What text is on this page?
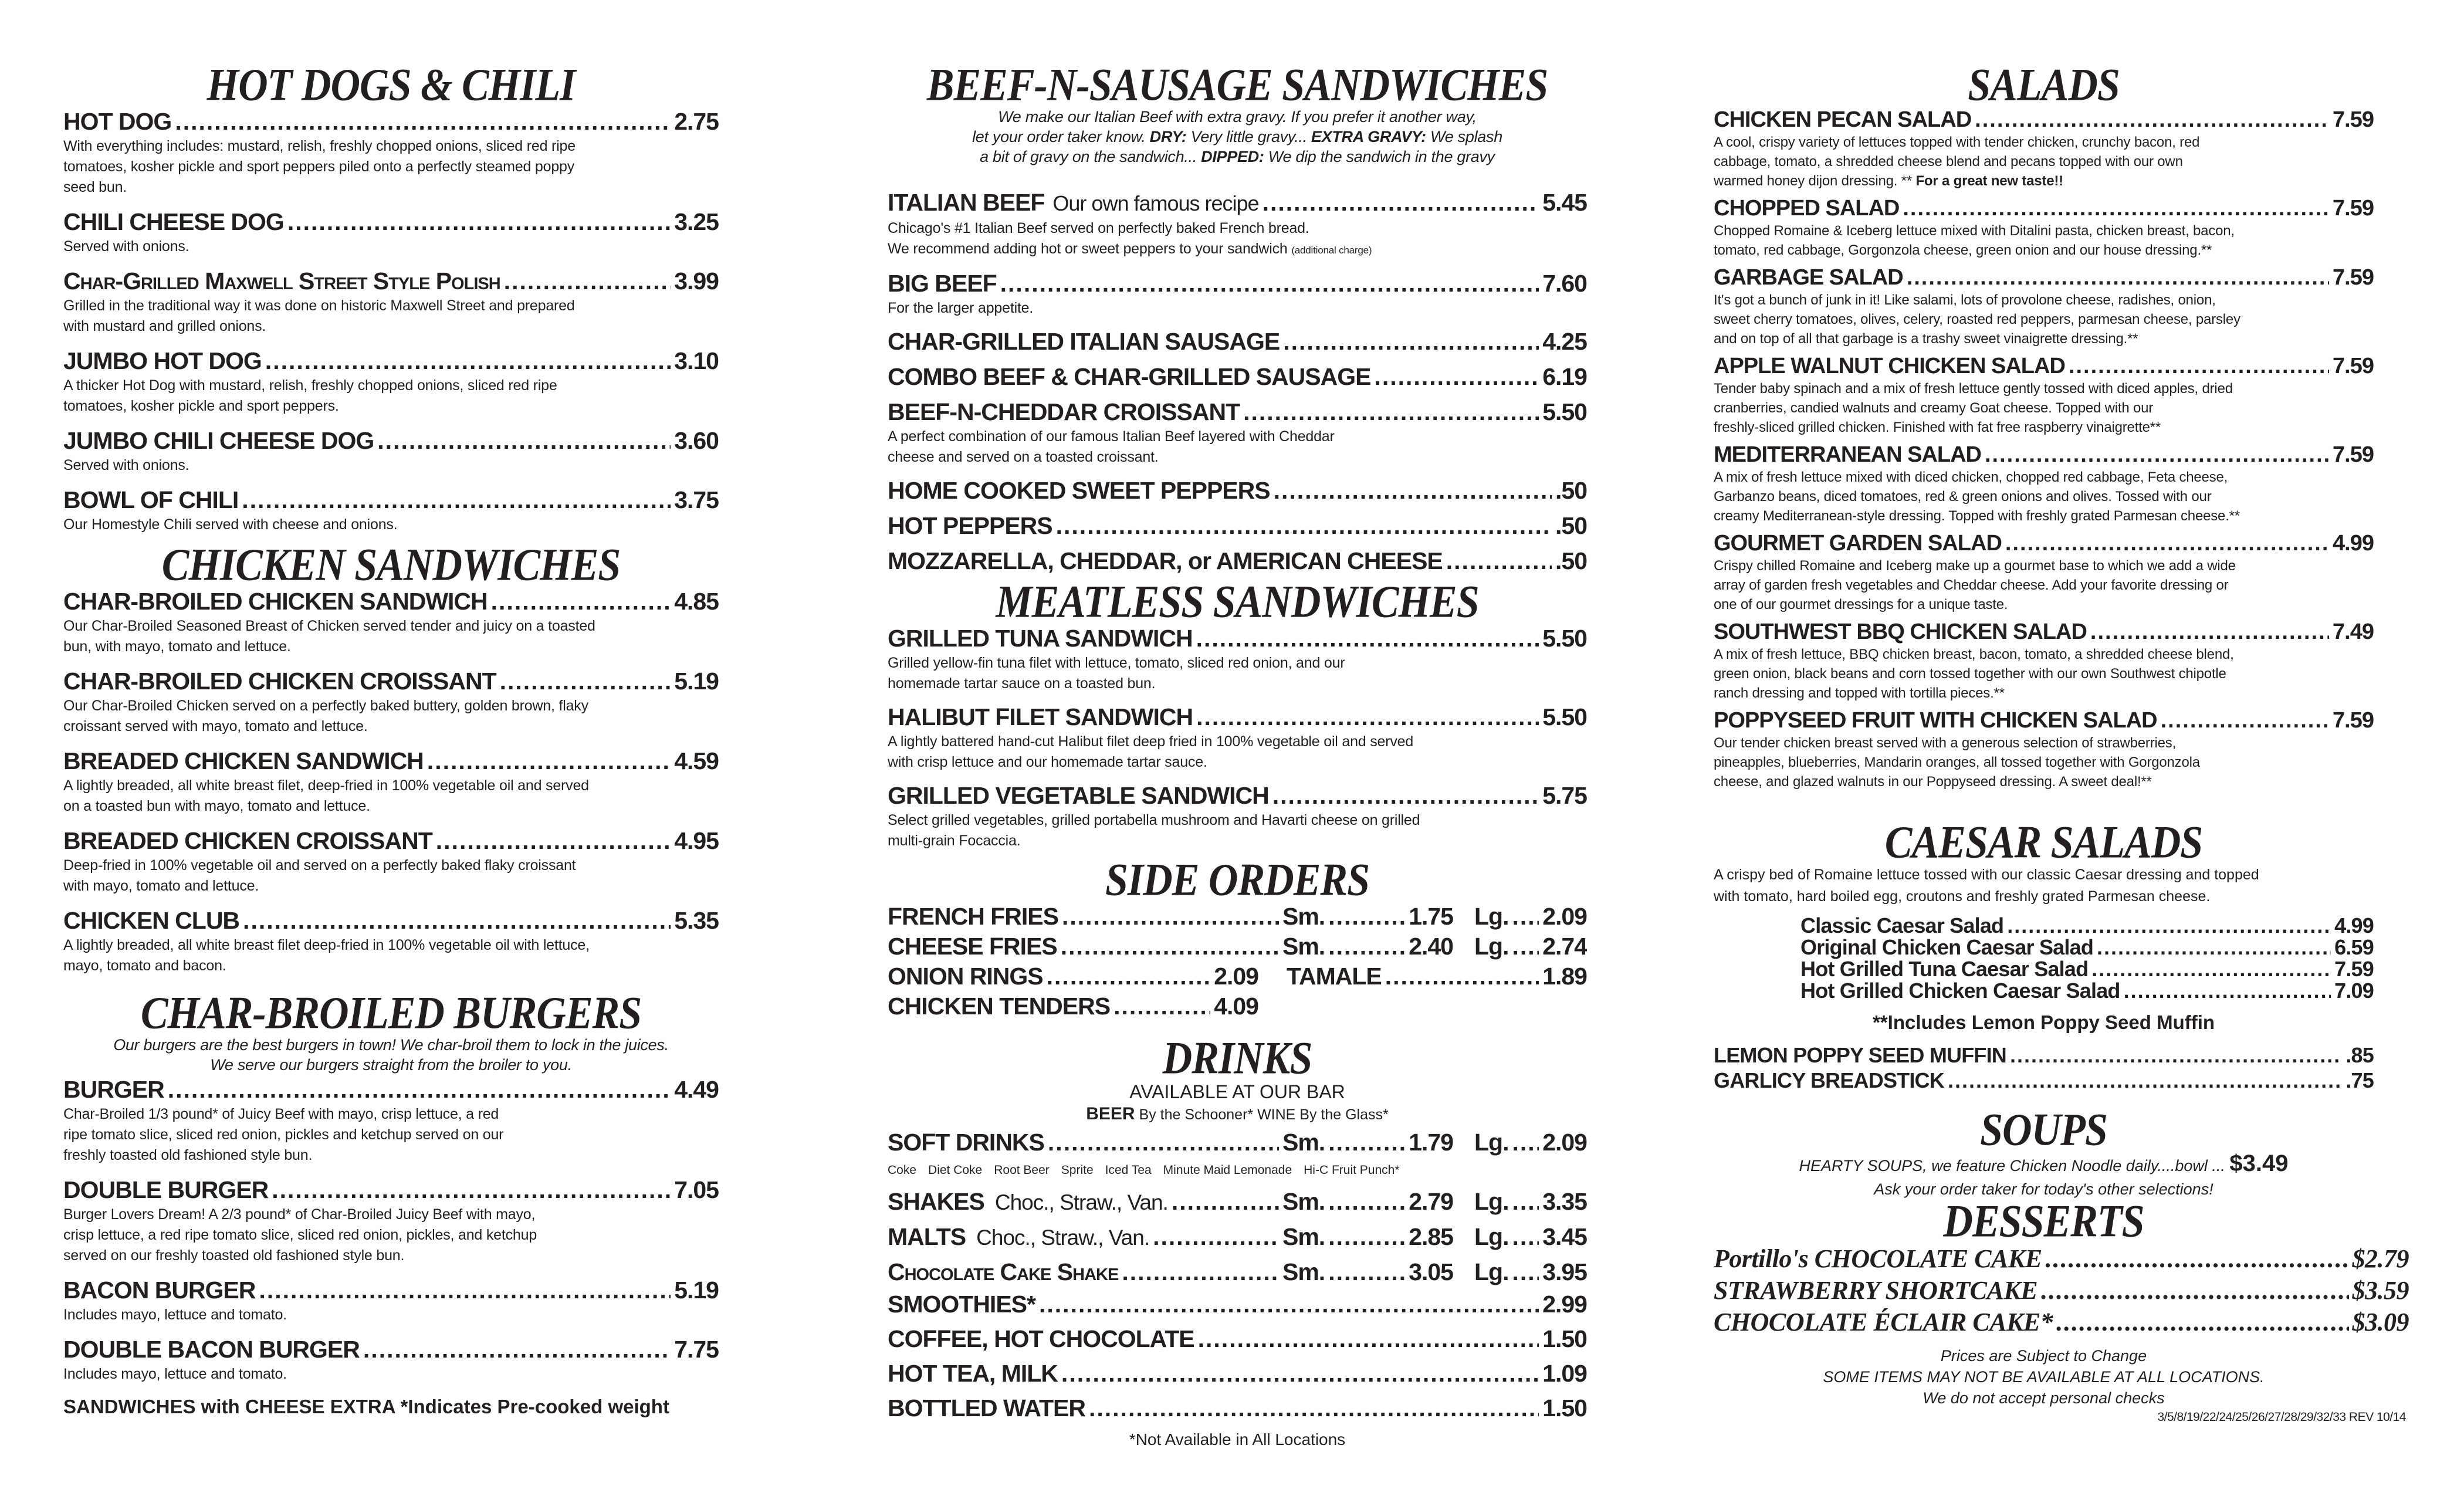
HOT DOGS & CHILI
HOT DOG .....	2.75
With everything includes: mustard, relish, freshly chopped onions, sliced red ripe
tomatoes, kosher pickle and sport peppers piled onto a perfectly steamed poppy
seed bun.
CHILI CHEESE DOG .....	3.25
Served with onions.
Char-Grilled Maxwell Street Style Polish .....	3.99
Grilled in the traditional way it was done on historic Maxwell Street and prepared
with mustard and grilled onions.
JUMBO HOT DOG .....	3.10
A thicker Hot Dog with mustard, relish, freshly chopped onions, sliced red ripe
tomatoes, kosher pickle and sport peppers.
JUMBO CHILI CHEESE DOG .....	3.60
Served with onions.
BOWL OF CHILI .....	3.75
Our Homestyle Chili served with cheese and onions.
CHICKEN SANDWICHES
CHAR-BROILED CHICKEN SANDWICH .....	4.85
Our Char-Broiled Seasoned Breast of Chicken served tender and juicy on a toasted
bun, with mayo, tomato and lettuce.
CHAR-BROILED CHICKEN CROISSANT .....	5.19
Our Char-Broiled Chicken served on a perfectly baked buttery, golden brown, flaky
croissant served with mayo, tomato and lettuce.
BREADED CHICKEN SANDWICH .....	4.59
A lightly breaded, all white breast filet, deep-fried in 100% vegetable oil and served
on a toasted bun with mayo, tomato and lettuce.
BREADED CHICKEN CROISSANT .....	4.95
Deep-fried in 100% vegetable oil and served on a perfectly baked flaky croissant
with mayo, tomato and lettuce.
CHICKEN CLUB .....	5.35
A lightly breaded, all white breast filet deep-fried in 100% vegetable oil with lettuce,
mayo, tomato and bacon.
CHAR-BROILED BURGERS
Our burgers are the best burgers in town! We char-broil them to lock in the juices.
We serve our burgers straight from the broiler to you.
BURGER .....	4.49
Char-Broiled 1/3 pound* of Juicy Beef with mayo, crisp lettuce, a red
ripe tomato slice, sliced red onion, pickles and ketchup served on our
freshly toasted old fashioned style bun.
DOUBLE BURGER .....	7.05
Burger Lovers Dream! A 2/3 pound* of Char-Broiled Juicy Beef with mayo,
crisp lettuce, a red ripe tomato slice, sliced red onion, pickles, and ketchup
served on our freshly toasted old fashioned style bun.
BACON BURGER .....	5.19
Includes mayo, lettuce and tomato.
DOUBLE BACON BURGER .....	7.75
Includes mayo, lettuce and tomato.
SANDWICHES with CHEESE EXTRA *Indicates Pre-cooked weight
BEEF-N-SAUSAGE SANDWICHES
We make our Italian Beef with extra gravy. If you prefer it another way,
let your order taker know. DRY: Very little gravy... EXTRA GRAVY: We splash
a bit of gravy on the sandwich... DIPPED: We dip the sandwich in the gravy
ITALIAN BEEF Our own famous recipe .....	5.45
Chicago's #1 Italian Beef served on perfectly baked French bread.
We recommend adding hot or sweet peppers to your sandwich (additional charge)
BIG BEEF .....	7.60
For the larger appetite.
CHAR-GRILLED ITALIAN SAUSAGE .....	4.25
COMBO BEEF & CHAR-GRILLED SAUSAGE .....	6.19
BEEF-N-CHEDDAR CROISSANT .....	5.50
A perfect combination of our famous Italian Beef layered with Cheddar
cheese and served on a toasted croissant.
HOME COOKED SWEET PEPPERS .....	.50
HOT PEPPERS .....	.50
MOZZARELLA, CHEDDAR, or AMERICAN CHEESE .....	.50
MEATLESS SANDWICHES
GRILLED TUNA SANDWICH .....	5.50
Grilled yellow-fin tuna filet with lettuce, tomato, sliced red onion, and our
homemade tartar sauce on a toasted bun.
HALIBUT FILET SANDWICH .....	5.50
A lightly battered hand-cut Halibut filet deep fried in 100% vegetable oil and served
with crisp lettuce and our homemade tartar sauce.
GRILLED VEGETABLE SANDWICH .....	5.75
Select grilled vegetables, grilled portabella mushroom and Havarti cheese on grilled
multi-grain Focaccia.
SIDE ORDERS
FRENCH FRIES .....	Sm. .....	1.75 Lg. ..... 2.09
CHEESE FRIES .....	Sm. .....	2.40 Lg. ..... 2.74
ONION RINGS .....	2.09 TAMALE .....	1.89
CHICKEN TENDERS .....	4.09
DRINKS
AVAILABLE AT OUR BAR
BEER By the Schooner* WINE By the Glass*
SOFT DRINKS .....	Sm. .....	1.79 Lg. ..... 2.09
Coke Diet Coke Root Beer Sprite Iced Tea Minute Maid Lemonade Hi-C Fruit Punch*
SHAKES Choc., Straw., Van. .....	Sm. .....	2.79 Lg. ..... 3.35
MALTS Choc., Straw., Van. .....	Sm. .....	2.85 Lg. ..... 3.45
Chocolate Cake Shake .....	Sm. .....	3.05 Lg. ..... 3.95
SMOOTHIES* .....	2.99
COFFEE, HOT CHOCOLATE .....	1.50
HOT TEA, MILK .....	1.09
BOTTLED WATER .....	1.50
*Not Available in All Locations
SALADS
CHICKEN PECAN SALAD .....	7.59
A cool, crispy variety of lettuces topped with tender chicken, crunchy bacon, red
cabbage, tomato, a shredded cheese blend and pecans topped with our own
warmed honey dijon dressing. ** For a great new taste!!
CHOPPED SALAD .....	7.59
Chopped Romaine & Iceberg lettuce mixed with Ditalini pasta, chicken breast, bacon,
tomato, red cabbage, Gorgonzola cheese, green onion and our house dressing.**
GARBAGE SALAD .....	7.59
It's got a bunch of junk in it! Like salami, lots of provolone cheese, radishes, onion,
sweet cherry tomatoes, olives, celery, roasted red peppers, parmesan cheese, parsley
and on top of all that garbage is a trashy sweet vinaigrette dressing.**
APPLE WALNUT CHICKEN SALAD .....	7.59
Tender baby spinach and a mix of fresh lettuce gently tossed with diced apples, dried
cranberries, candied walnuts and creamy Goat cheese. Topped with our
freshly-sliced grilled chicken. Finished with fat free raspberry vinaigrette**
MEDITERRANEAN SALAD .....	7.59
A mix of fresh lettuce mixed with diced chicken, chopped red cabbage, Feta cheese,
Garbanzo beans, diced tomatoes, red & green onions and olives. Tossed with our
creamy Mediterranean-style dressing. Topped with freshly grated Parmesan cheese.**
GOURMET GARDEN SALAD .....	4.99
Crispy chilled Romaine and Iceberg make up a gourmet base to which we add a wide
array of garden fresh vegetables and Cheddar cheese. Add your favorite dressing or
one of our gourmet dressings for a unique taste.
SOUTHWEST BBQ CHICKEN SALAD .....	7.49
A mix of fresh lettuce, BBQ chicken breast, bacon, tomato, a shredded cheese blend,
green onion, black beans and corn tossed together with our own Southwest chipotle
ranch dressing and topped with tortilla pieces.**
POPPYSEED FRUIT WITH CHICKEN SALAD .....	7.59
Our tender chicken breast served with a generous selection of strawberries,
pineapples, blueberries, Mandarin oranges, all tossed together with Gorgonzola
cheese, and glazed walnuts in our Poppyseed dressing. A sweet deal!**
CAESAR SALADS
A crispy bed of Romaine lettuce tossed with our classic Caesar dressing and topped
with tomato, hard boiled egg, croutons and freshly grated Parmesan cheese.
Classic Caesar Salad .....	4.99
Original Chicken Caesar Salad .....	6.59
Hot Grilled Tuna Caesar Salad .....	7.59
Hot Grilled Chicken Caesar Salad .....	7.09
**Includes Lemon Poppy Seed Muffin
LEMON POPPY SEED MUFFIN .....	.85
GARLICY BREADSTICK .....	.75
SOUPS
HEARTY SOUPS, we feature Chicken Noodle daily....bowl ... $3.49
Ask your order taker for today's other selections!
DESSERTS
Portillo's CHOCOLATE CAKE .....	$2.79
STRAWBERRY SHORTCAKE .....	$3.59
CHOCOLATE ÉCLAIR CAKE* .....	$3.09
Prices are Subject to Change
SOME ITEMS MAY NOT BE AVAILABLE AT ALL LOCATIONS.
We do not accept personal checks
3/5/8/19/22/24/25/26/27/28/29/32/33 REV 10/14
